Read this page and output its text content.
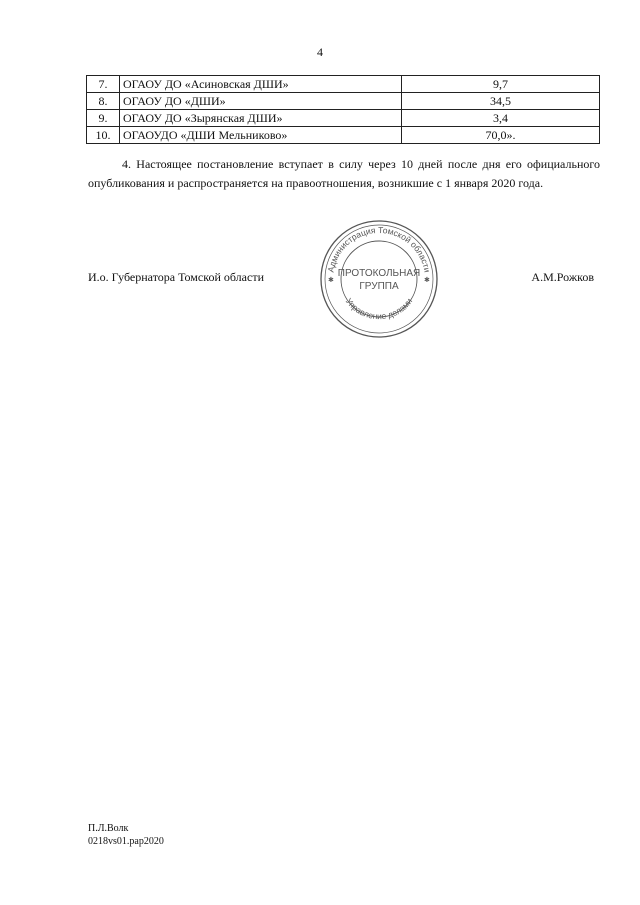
4
7.	ОГАОУ ДО «Асиновская ДШИ»	9,7
8.	ОГАОУ ДО «ДШИ»	34,5
9.	ОГАОУ ДО «Зырянская ДШИ»	3,4
10.	ОГАОУДО «ДШИ Мельниково»	70,0».

4. Настоящее постановление вступает в силу через 10 дней после дня его официального опубликования и распространяется на правоотношения, возникшие с 1 января 2020 года.

И.о. Губернатора Томской области
Администрация Томской области
Управление делами
ПРОТОКОЛЬНАЯ
ГРУППА
✱	✱	А.М.Рожков
П.Л.Волк
0218vs01.pap2020
